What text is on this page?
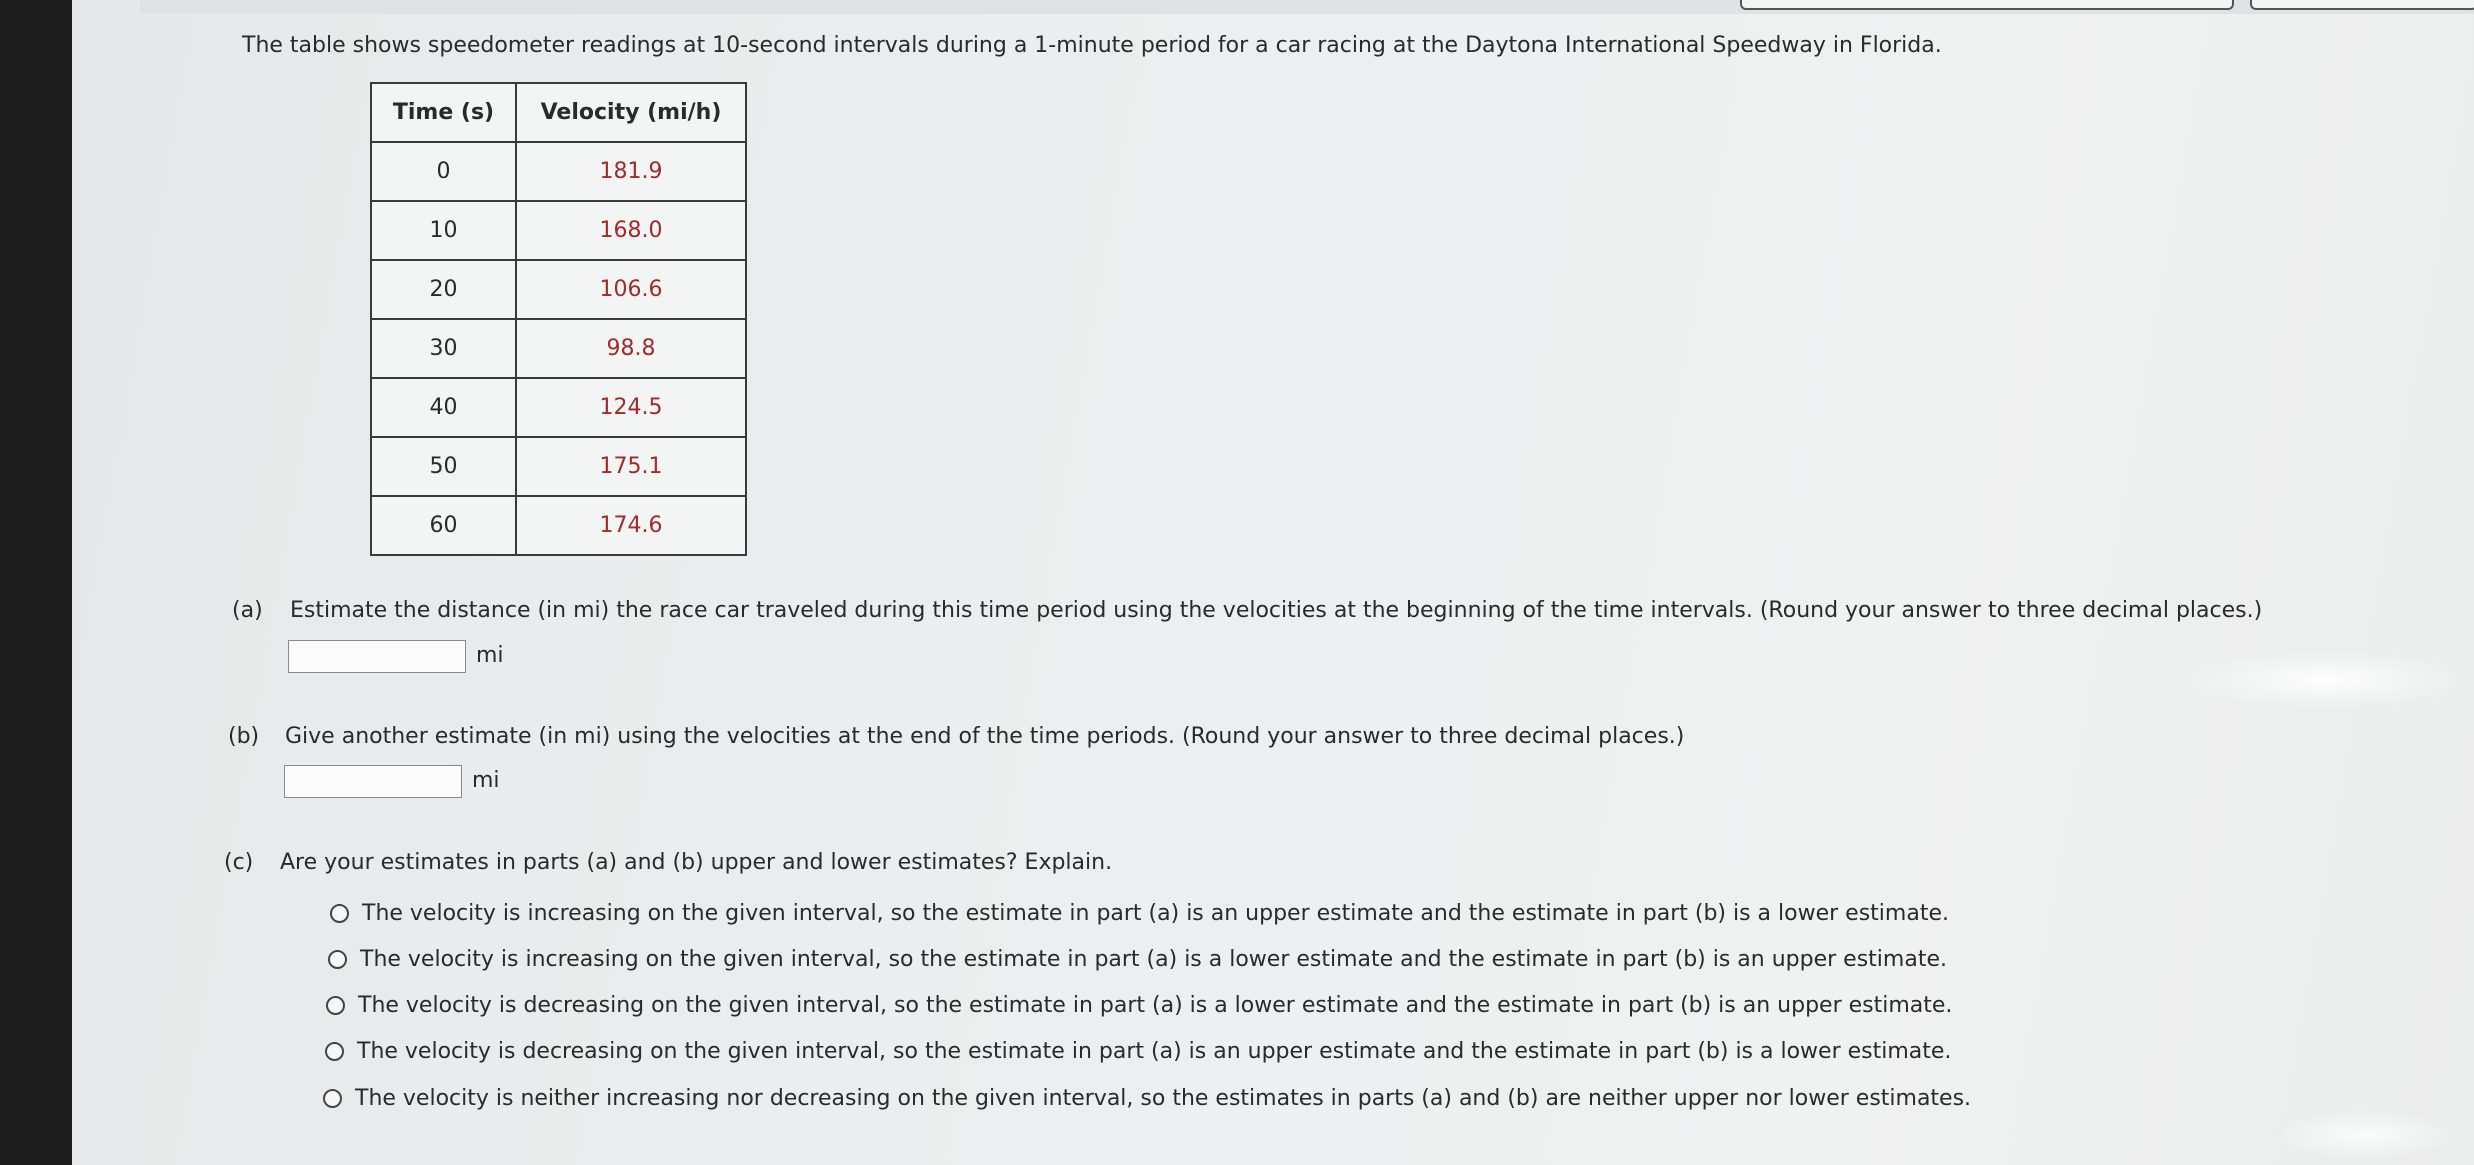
The table shows speedometer readings at 10-second intervals during a 1-minute period for a car racing at the Daytona International Speedway in Florida.
Time (s)	Velocity (mi/h)
0	181.9
10	168.0
20	106.6
30	98.8
40	124.5
50	175.1
60	174.6
(a) Estimate the distance (in mi) the race car traveled during this time period using the velocities at the beginning of the time intervals. (Round your answer to three decimal places.)
mi
(b) Give another estimate (in mi) using the velocities at the end of the time periods. (Round your answer to three decimal places.)
mi
(c) Are your estimates in parts (a) and (b) upper and lower estimates? Explain.
The velocity is increasing on the given interval, so the estimate in part (a) is an upper estimate and the estimate in part (b) is a lower estimate.
The velocity is increasing on the given interval, so the estimate in part (a) is a lower estimate and the estimate in part (b) is an upper estimate.
The velocity is decreasing on the given interval, so the estimate in part (a) is a lower estimate and the estimate in part (b) is an upper estimate.
The velocity is decreasing on the given interval, so the estimate in part (a) is an upper estimate and the estimate in part (b) is a lower estimate.
The velocity is neither increasing nor decreasing on the given interval, so the estimates in parts (a) and (b) are neither upper nor lower estimates.
